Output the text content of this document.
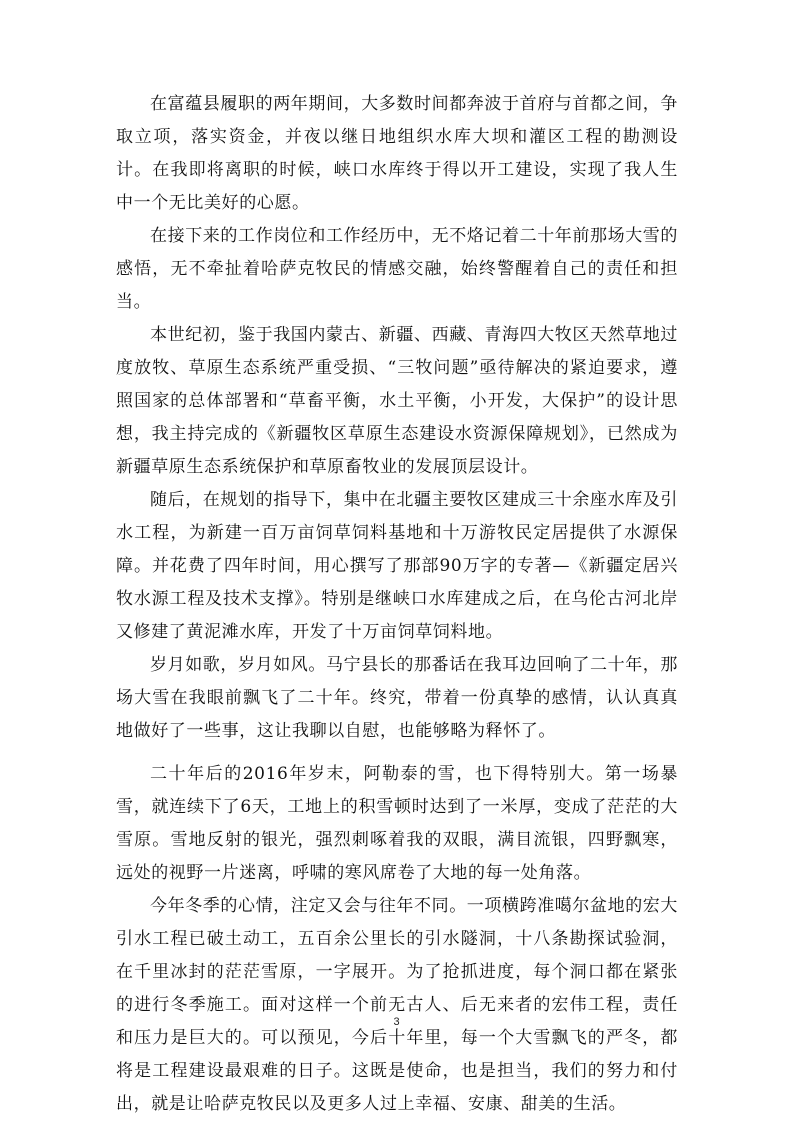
在富蕴县履职的两年期间，大多数时间都奔波于首府与首都之间，争取立项，落实资金，并夜以继日地组织水库大坝和灌区工程的勘测设计。在我即将离职的时候，峡口水库终于得以开工建设，实现了我人生中一个无比美好的心愿。

在接下来的工作岗位和工作经历中，无不烙记着二十年前那场大雪的感悟，无不牵扯着哈萨克牧民的情感交融，始终警醒着自己的责任和担当。

本世纪初，鉴于我国内蒙古、新疆、西藏、青海四大牧区天然草地过度放牧、草原生态系统严重受损、“三牧问题”亟待解决的紧迫要求，遵照国家的总体部署和“草畜平衡，水土平衡，小开发，大保护”的设计思想，我主持完成的《新疆牧区草原生态建设水资源保障规划》，已然成为新疆草原生态系统保护和草原畜牧业的发展顶层设计。

随后，在规划的指导下，集中在北疆主要牧区建成三十余座水库及引水工程，为新建一百万亩饲草饲料基地和十万游牧民定居提供了水源保障。并花费了四年时间，用心撰写了那部90万字的专著—《新疆定居兴牧水源工程及技术支撑》。特别是继峡口水库建成之后，在乌伦古河北岸又修建了黄泥滩水库，开发了十万亩饲草饲料地。

岁月如歌，岁月如风。马宁县长的那番话在我耳边回响了二十年，那场大雪在我眼前飘飞了二十年。终究，带着一份真挚的感情，认认真真地做好了一些事，这让我聊以自慰，也能够略为释怀了。

二十年后的2016年岁末，阿勒泰的雪，也下得特别大。第一场暴雪，就连续下了6天，工地上的积雪顿时达到了一米厚，变成了茫茫的大雪原。雪地反射的银光，强烈刺啄着我的双眼，满目流银，四野飘寒，远处的视野一片迷离，呼啸的寒风席卷了大地的每一处角落。

今年冬季的心情，注定又会与往年不同。一项横跨准噶尔盆地的宏大引水工程已破土动工，五百余公里长的引水隧洞，十八条勘探试验洞，在千里冰封的茫茫雪原，一字展开。为了抢抓进度，每个洞口都在紧张的进行冬季施工。面对这样一个前无古人、后无来者的宏伟工程，责任和压力是巨大的。可以预见，今后十年里，每一个大雪飘飞的严冬，都将是工程建设最艰难的日子。这既是使命，也是担当，我们的努力和付出，就是让哈萨克牧民以及更多人过上幸福、安康、甜美的生活。

3
